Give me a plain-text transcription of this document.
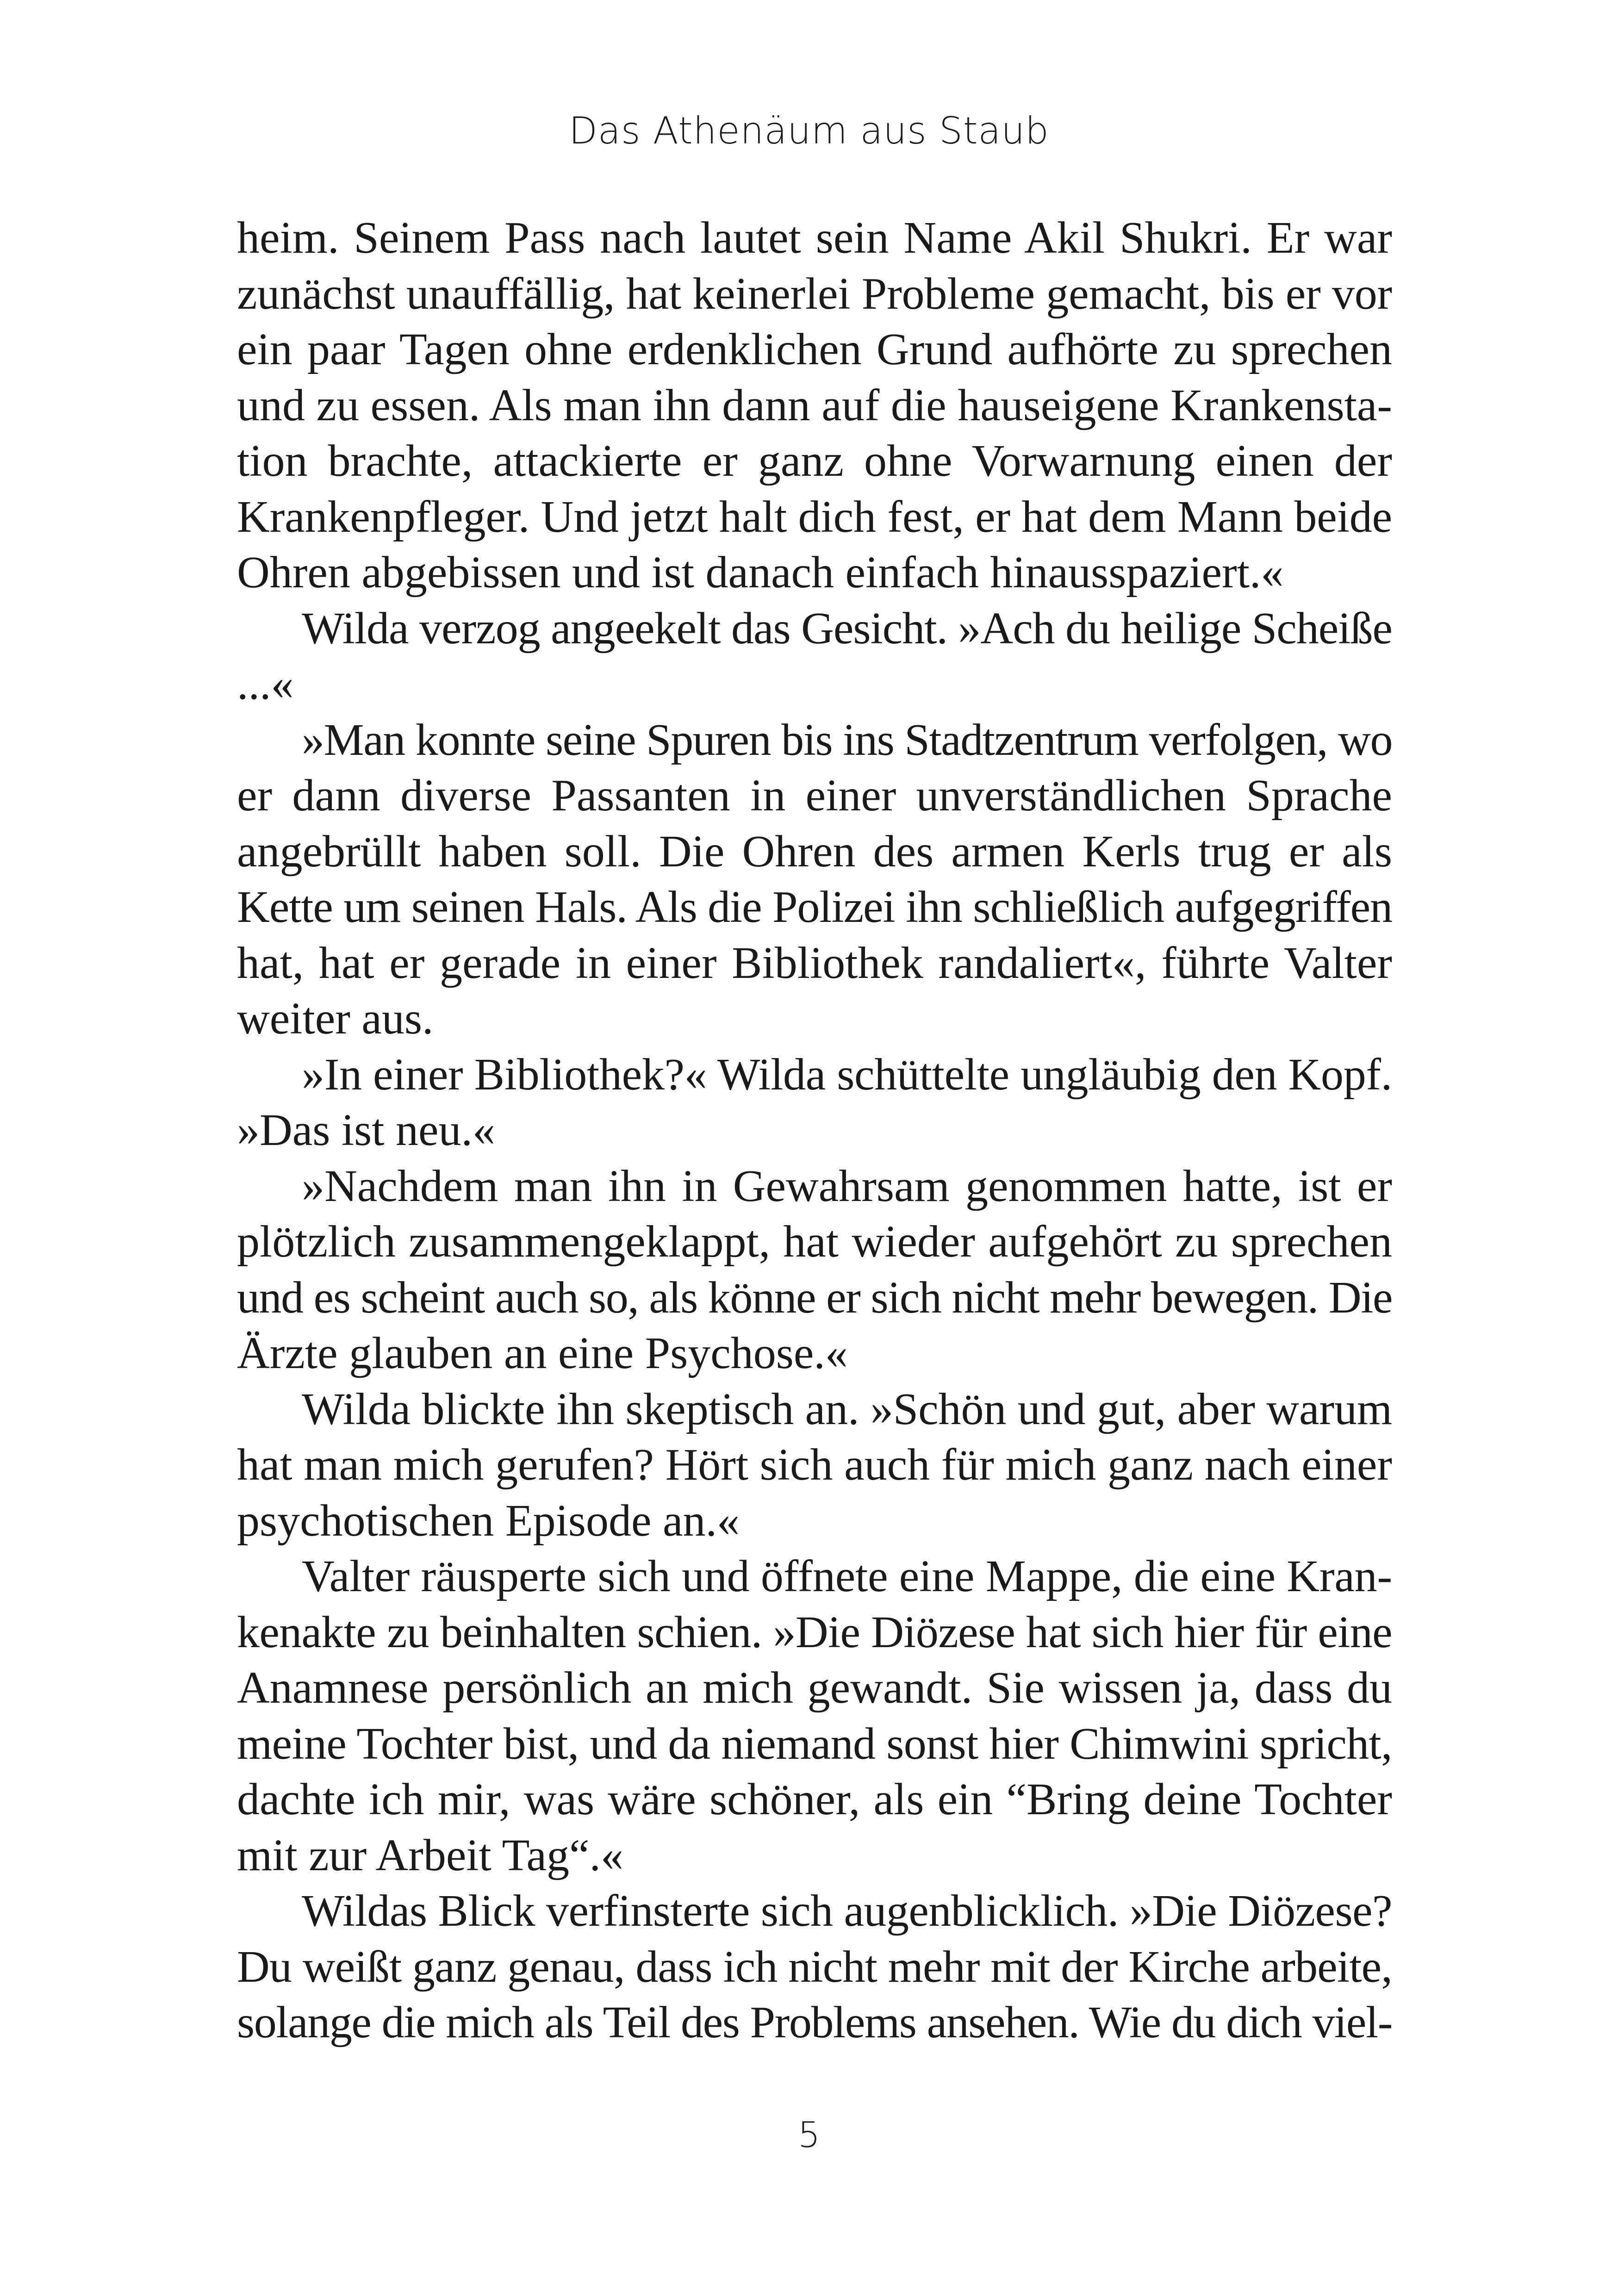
Das Athenäum aus Staub
heim. Seinem Pass nach lautet sein Name Akil Shukri. Er war
zunächst unauffällig, hat keinerlei Probleme gemacht, bis er vor
ein paar Tagen ohne erdenklichen Grund aufhörte zu sprechen
und zu essen. Als man ihn dann auf die hauseigene Krankensta-
tion brachte, attackierte er ganz ohne Vorwarnung einen der
Krankenpfleger. Und jetzt halt dich fest, er hat dem Mann beide
Ohren abgebissen und ist danach einfach hinausspaziert.«
Wilda verzog angeekelt das Gesicht. »Ach du heilige Scheiße
...«
»Man konnte seine Spuren bis ins Stadtzentrum verfolgen, wo
er dann diverse Passanten in einer unverständlichen Sprache
angebrüllt haben soll. Die Ohren des armen Kerls trug er als
Kette um seinen Hals. Als die Polizei ihn schließlich aufgegriffen
hat, hat er gerade in einer Bibliothek randaliert«, führte Valter
weiter aus.
»In einer Bibliothek?« Wilda schüttelte ungläubig den Kopf.
»Das ist neu.«
»Nachdem man ihn in Gewahrsam genommen hatte, ist er
plötzlich zusammengeklappt, hat wieder aufgehört zu sprechen
und es scheint auch so, als könne er sich nicht mehr bewegen. Die
Ärzte glauben an eine Psychose.«
Wilda blickte ihn skeptisch an. »Schön und gut, aber warum
hat man mich gerufen? Hört sich auch für mich ganz nach einer
psychotischen Episode an.«
Valter räusperte sich und öffnete eine Mappe, die eine Kran-
kenakte zu beinhalten schien. »Die Diözese hat sich hier für eine
Anamnese persönlich an mich gewandt. Sie wissen ja, dass du
meine Tochter bist, und da niemand sonst hier Chimwini spricht,
dachte ich mir, was wäre schöner, als ein “Bring deine Tochter
mit zur Arbeit Tag“.«
Wildas Blick verfinsterte sich augenblicklich. »Die Diözese?
Du weißt ganz genau, dass ich nicht mehr mit der Kirche arbeite,
solange die mich als Teil des Problems ansehen. Wie du dich viel-
5
